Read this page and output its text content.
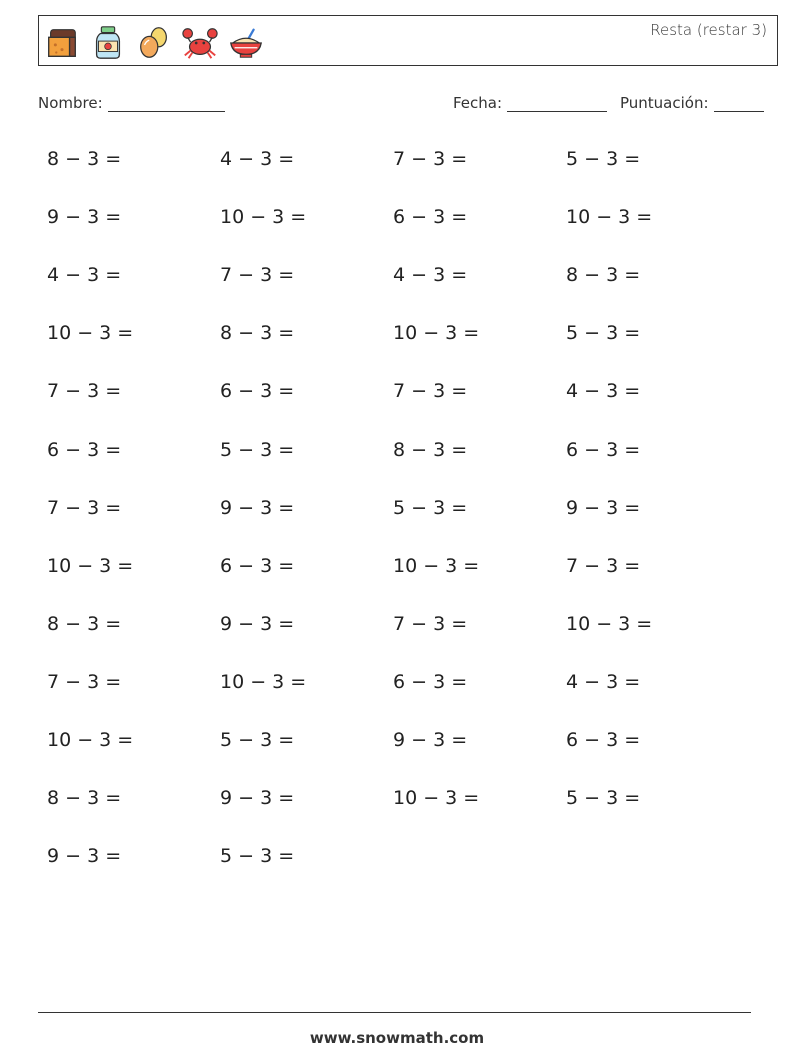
Resta (restar 3)
Nombre:	Fecha:	Puntuación:
8 − 3 =	4 − 3 =	7 − 3 =	5 − 3 =
9 − 3 =	10 − 3 =	6 − 3 =	10 − 3 =
4 − 3 =	7 − 3 =	4 − 3 =	8 − 3 =
10 − 3 =	8 − 3 =	10 − 3 =	5 − 3 =
7 − 3 =	6 − 3 =	7 − 3 =	4 − 3 =
6 − 3 =	5 − 3 =	8 − 3 =	6 − 3 =
7 − 3 =	9 − 3 =	5 − 3 =	9 − 3 =
10 − 3 =	6 − 3 =	10 − 3 =	7 − 3 =
8 − 3 =	9 − 3 =	7 − 3 =	10 − 3 =
7 − 3 =	10 − 3 =	6 − 3 =	4 − 3 =
10 − 3 =	5 − 3 =	9 − 3 =	6 − 3 =
8 − 3 =	9 − 3 =	10 − 3 =	5 − 3 =
9 − 3 =	5 − 3 =
www.snowmath.com
